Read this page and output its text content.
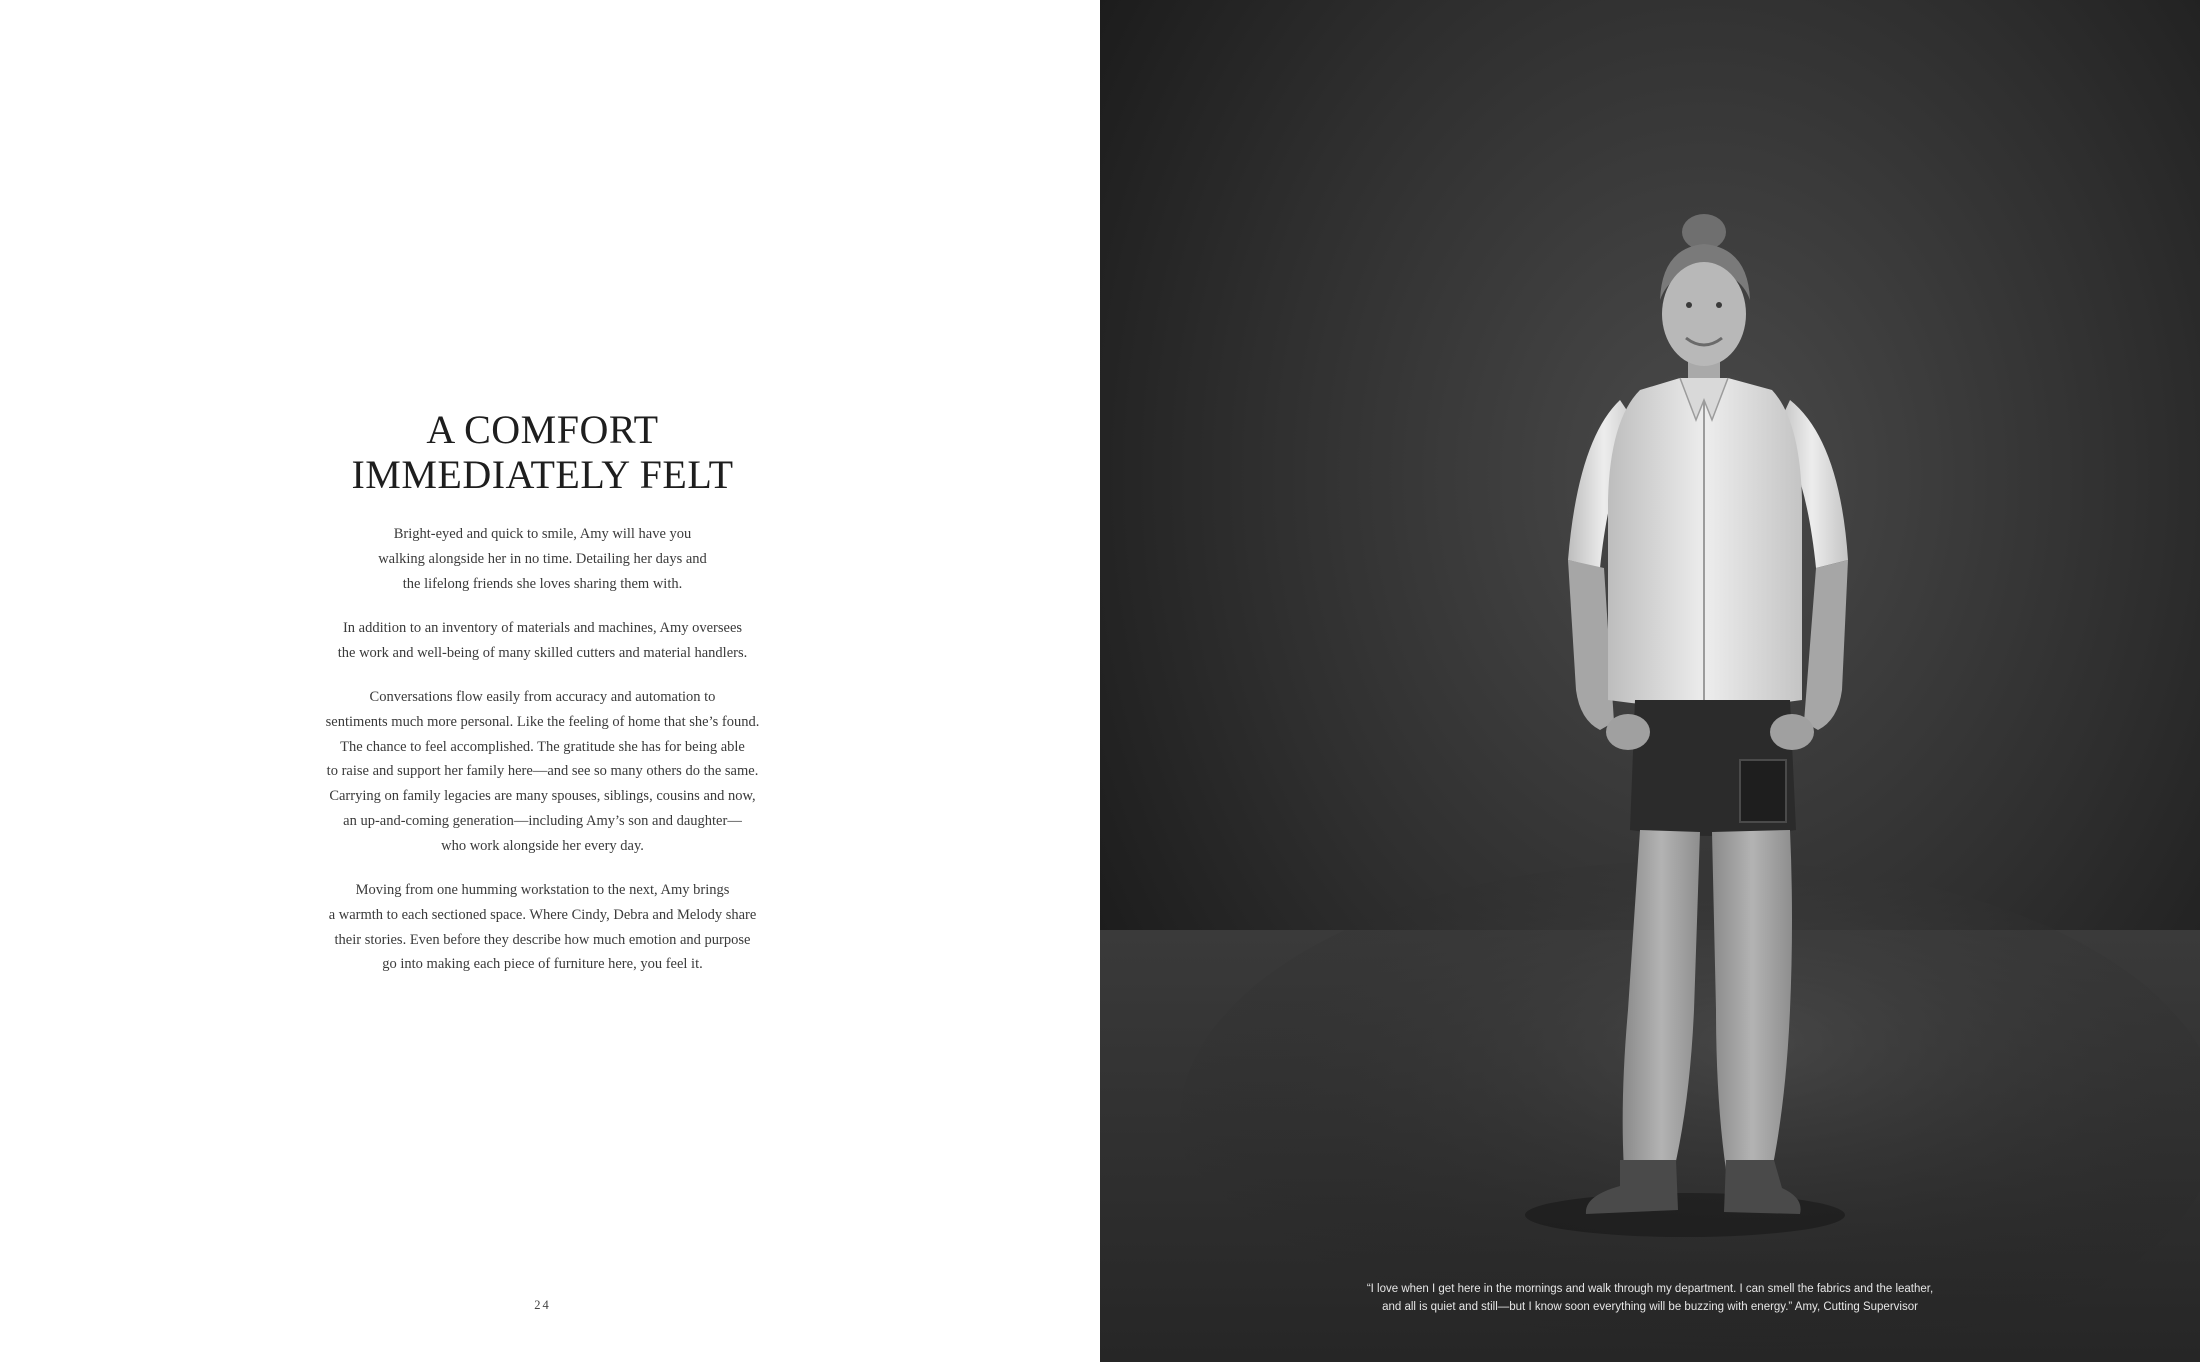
A COMFORT
IMMEDIATELY FELT

Bright-eyed and quick to smile, Amy will have you
walking alongside her in no time. Detailing her days and
the lifelong friends she loves sharing them with.

In addition to an inventory of materials and machines, Amy oversees
the work and well-being of many skilled cutters and material handlers.

Conversations flow easily from accuracy and automation to
sentiments much more personal. Like the feeling of home that she’s found.
The chance to feel accomplished. The gratitude she has for being able
to raise and support her family here—and see so many others do the same.
Carrying on family legacies are many spouses, siblings, cousins and now,
an up-and-coming generation—including Amy’s son and daughter—
who work alongside her every day.

Moving from one humming workstation to the next, Amy brings
a warmth to each sectioned space. Where Cindy, Debra and Melody share
their stories. Even before they describe how much emotion and purpose
go into making each piece of furniture here, you feel it.

24
“I love when I get here in the mornings and walk through my department. I can smell the fabrics and the leather,
and all is quiet and still—but I know soon everything will be buzzing with energy.” Amy, Cutting Supervisor
